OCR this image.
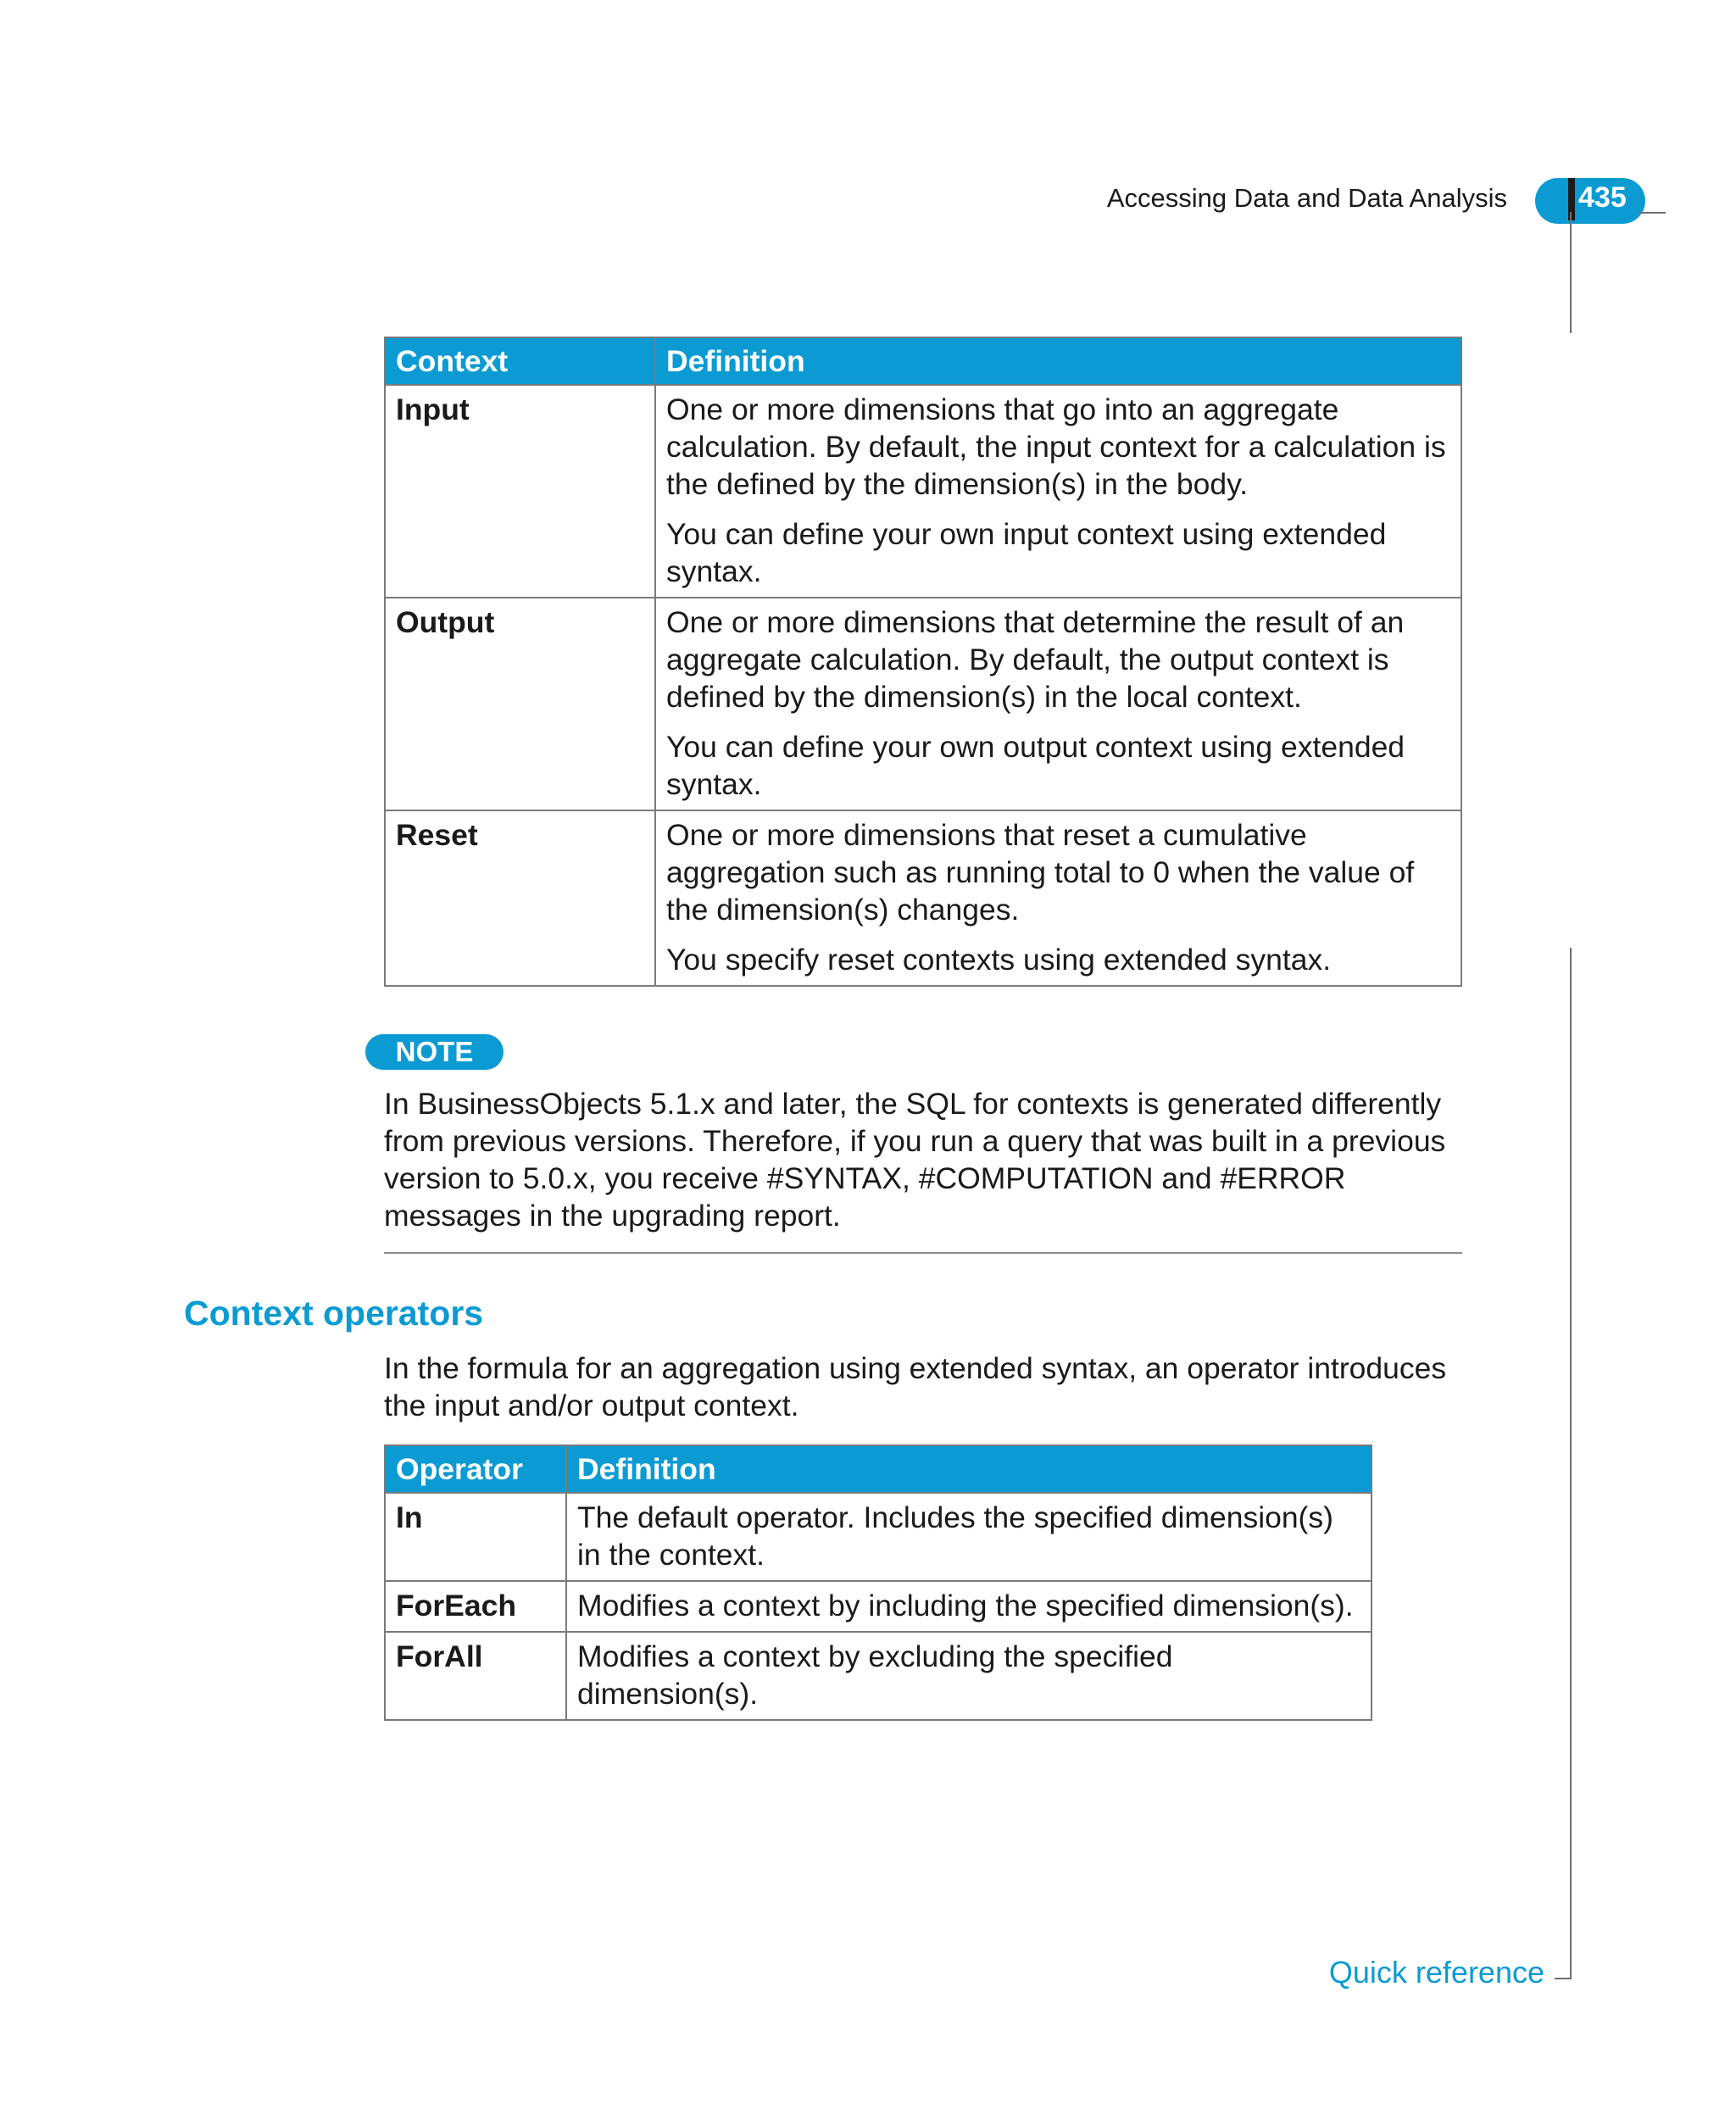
Accessing Data and Data Analysis 435
Context	Definition
Input	One or more dimensions that go into an aggregate calculation. By default, the input context for a calculation is the defined by the dimension(s) in the body.

You can define your own input context using extended syntax.

Output	One or more dimensions that determine the result of an aggregate calculation. By default, the output context is defined by the dimension(s) in the local context.

You can define your own output context using extended syntax.

Reset	One or more dimensions that reset a cumulative aggregation such as running total to 0 when the value of the dimension(s) changes.

You specify reset contexts using extended syntax.

NOTE
In BusinessObjects 5.1.x and later, the SQL for contexts is generated differently from previous versions. Therefore, if you run a query that was built in a previous version to 5.0.x, you receive #SYNTAX, #COMPUTATION and #ERROR messages in the upgrading report.
Context operators
In the formula for an aggregation using extended syntax, an operator introduces the input and/or output context.
Operator	Definition
In	The default operator. Includes the specified dimension(s) in the context.
ForEach	Modifies a context by including the specified dimension(s).
ForAll	Modifies a context by excluding the specified dimension(s).
Quick reference
